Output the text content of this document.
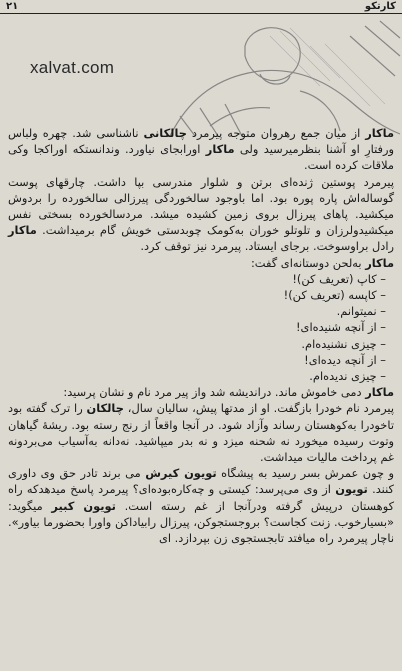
۲۱	کارتکو
xalvat.com

ماکار از میان جمع رهروان متوجه پیرمرد چالکانی ناشناسی شد. چهره ولباس ورفتارِ او آشنا بنظرمیرسید ولی ماکار اورابجای نیاورد. وندانستکه اوراکجا وکی ملاقات کرده است.

پیرمرد پوستین ژنده‌ای برتن و شلوار مندرسی بپا داشت. چارقهای پوست گوساله‌اش پاره پوره بود. اما باوجود سالخوردگی پیرزالی سالخورده را بردوش میکشید. پاهای پیرزال بروی زمین کشیده میشد. مردسالخورده بسختی نفس میکشیدولرزان و تلوتلو خوران به‌کومک چوبدستی خویش گام برمیداشت. ماکار رادل براوسوخت. برجای ایستاد. پیرمرد نیز توقف کرد.

ماکار به‌لحن دوستانه‌ای گفت:

– کاپ (تعریف کن)!
– کاپسه (تعریف کن)!
– نمیتوانم.
– از آنچه شنیده‌ای!
– چیزی نشنیده‌ام.
– از آنچه دیده‌ای!
– چیزی ندیده‌ام.

ماکار دمی خاموش ماند. درانديشه شد واز پیر مرد نام و نشان پرسید:

پیرمرد نام خودرا بازگفت. او از مدتها پیش، سالیان سال، چالکان را ترک گفته بود تاخودرا به‌کوهستان رساند وآزاد شود. در آنجا واقعاً از رنج رسته بود. ریشهٔ گیاهان وتوت رسیده میخورد نه شحنه میزد و نه بدر میپاشید. نه‌دانه به‌آسیاب می‌بردونه غم پرداخت مالیات میداشت.

و چون عمرش بسر رسید به پیشگاه تویون کیرش می برند تادر حق وی داوری کنند. تویون از وی می‌پرسد: کیستی و چه‌کاره‌بوده‌ای؟ پیرمرد پاسخ میدهدکه راه کوهستان درپیش گرفته ودرآنجا از غم رسته است. تویون کبیر میگوید: «بسیارخوب. زنت کجاست؟ بروجستجوکن، پیرزال رابیاداکن واورا بحضورما بیاور». ناچار پیرمرد راه میافتد تابجستجوی زن بپردازد. ای
